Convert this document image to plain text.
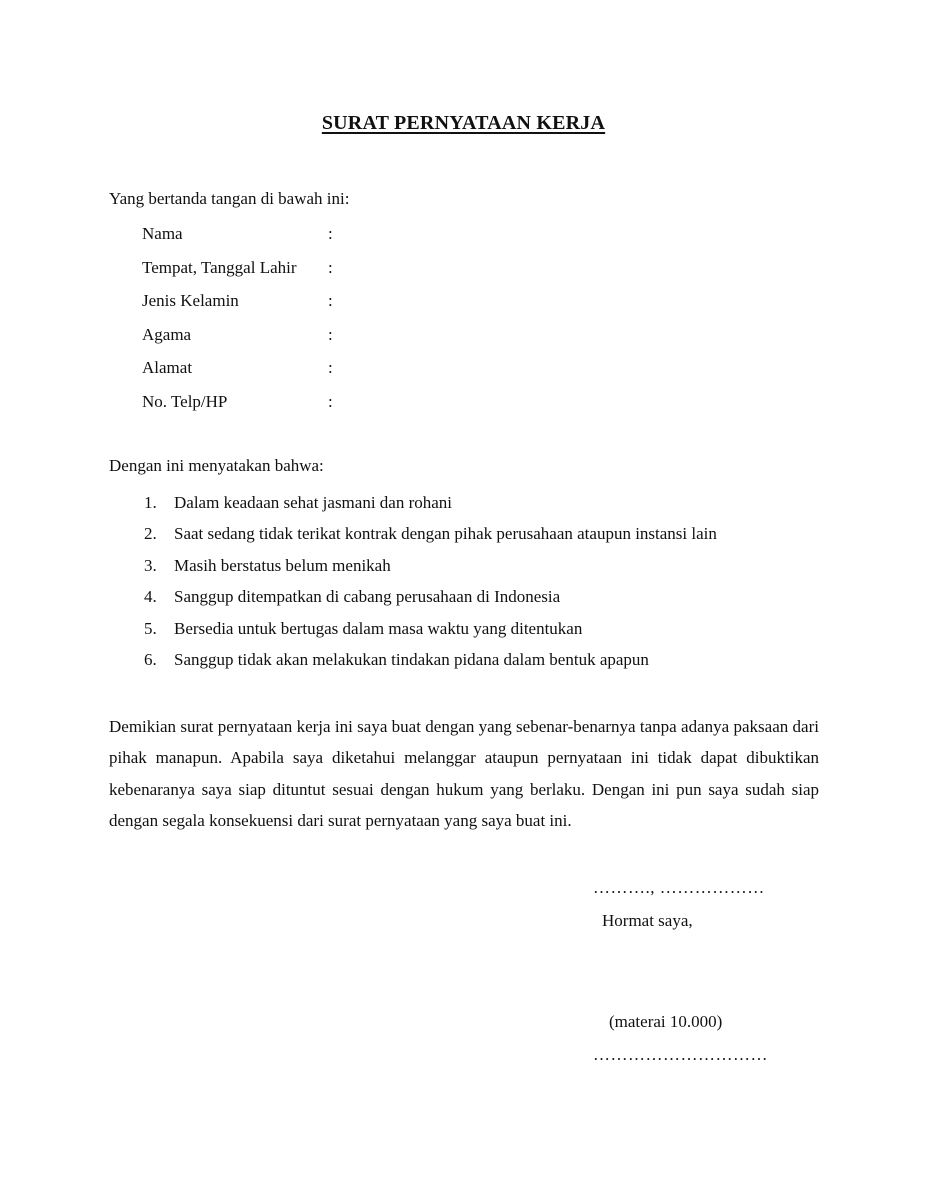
SURAT PERNYATAAN KERJA
Yang bertanda tangan di bawah ini:
Nama	:
Tempat, Tanggal Lahir :
Jenis Kelamin	:
Agama	:
Alamat	:
No. Telp/HP	:
Dengan ini menyatakan bahwa:
1. Dalam keadaan sehat jasmani dan rohani
2. Saat sedang tidak terikat kontrak dengan pihak perusahaan ataupun instansi lain
3. Masih berstatus belum menikah
4. Sanggup ditempatkan di cabang perusahaan di Indonesia
5. Bersedia untuk bertugas dalam masa waktu yang ditentukan
6. Sanggup tidak akan melakukan tindakan pidana dalam bentuk apapun

Demikian surat pernyataan kerja ini saya buat dengan yang sebenar-benarnya tanpa adanya paksaan dari pihak manapun. Apabila saya diketahui melanggar ataupun pernyataan ini tidak dapat dibuktikan kebenaranya saya siap dituntut sesuai dengan hukum yang berlaku. Dengan ini pun saya sudah siap dengan segala konsekuensi dari surat pernyataan yang saya buat ini.

………., ………………
Hormat saya,
(materai 10.000)
…………………………
